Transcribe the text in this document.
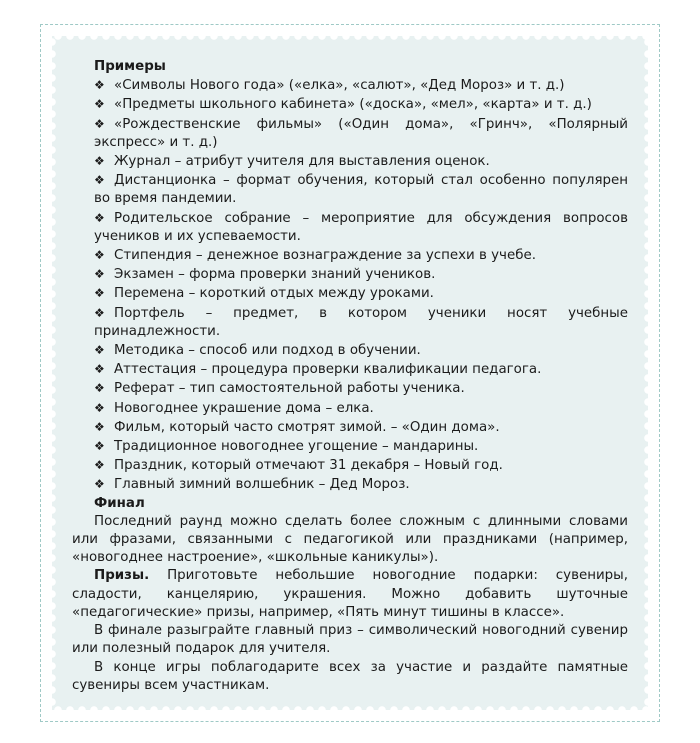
Примеры

❖ «Символы Нового года» («елка», «салют», «Дед Мороз» и т. д.)

❖ «Предметы школьного кабинета» («доска», «мел», «карта» и т. д.)

❖ «Рождественские фильмы» («Один дома», «Гринч», «Полярный экспресс» и т. д.)

❖ Журнал – атрибут учителя для выставления оценок.

❖ Дистанционка – формат обучения, который стал особенно популярен во время пандемии.

❖ Родительское собрание – мероприятие для обсуждения вопросов учеников и их успеваемости.

❖ Стипендия – денежное вознаграждение за успехи в учебе.

❖ Экзамен – форма проверки знаний учеников.

❖ Перемена – короткий отдых между уроками.

❖ Портфель – предмет, в котором ученики носят учебные принадлежности.

❖ Методика – способ или подход в обучении.

❖ Аттестация – процедура проверки квалификации педагога.

❖ Реферат – тип самостоятельной работы ученика.

❖ Новогоднее украшение дома – елка.

❖ Фильм, который часто смотрят зимой. – «Один дома».

❖ Традиционное новогоднее угощение – мандарины.

❖ Праздник, который отмечают 31 декабря – Новый год.

❖ Главный зимний волшебник – Дед Мороз.

Финал

Последний раунд можно сделать более сложным с длинными словами или фразами, связанными с педагогикой или праздниками (например, «новогоднее настроение», «школьные каникулы»).

Призы. Приготовьте небольшие новогодние подарки: сувениры, сладости, канцелярию, украшения. Можно добавить шуточные «педагогические» призы, например, «Пять минут тишины в классе».

В финале разыграйте главный приз – символический новогодний сувенир или полезный подарок для учителя.

В конце игры поблагодарите всех за участие и раздайте памятные сувениры всем участникам.
